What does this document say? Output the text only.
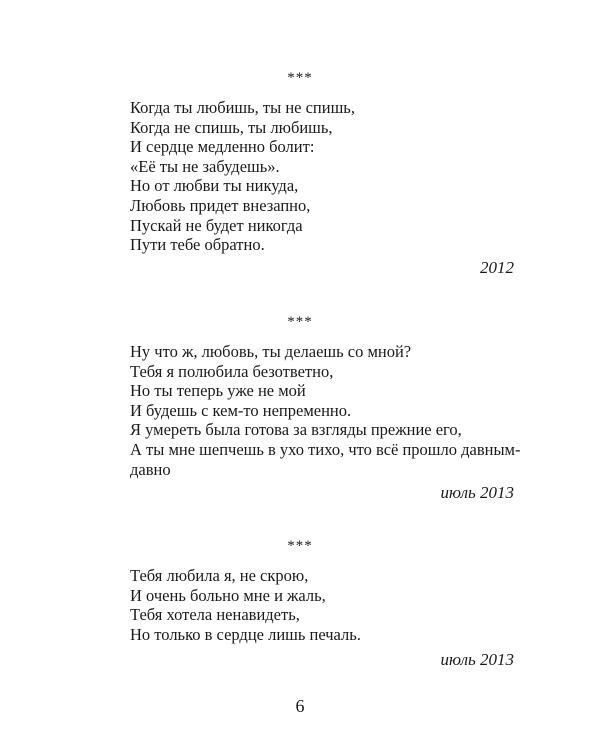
***
Когда ты любишь, ты не спишь,
Когда не спишь, ты любишь,
И сердце медленно болит:
«Её ты не забудешь».
Но от любви ты никуда,
Любовь придет внезапно,
Пускай не будет никогда
Пути тебе обратно.
2012
***
Ну что ж, любовь, ты делаешь со мной?
Тебя я полюбила безответно,
Но ты теперь уже не мой
И будешь с кем-то непременно.
Я умереть была готова за взгляды прежние его,
А ты мне шепчешь в ухо тихо, что всё прошло давным-
давно
июль 2013
***
Тебя любила я, не скрою,
И очень больно мне и жаль,
Тебя хотела ненавидеть,
Но только в сердце лишь печаль.
июль 2013
6
